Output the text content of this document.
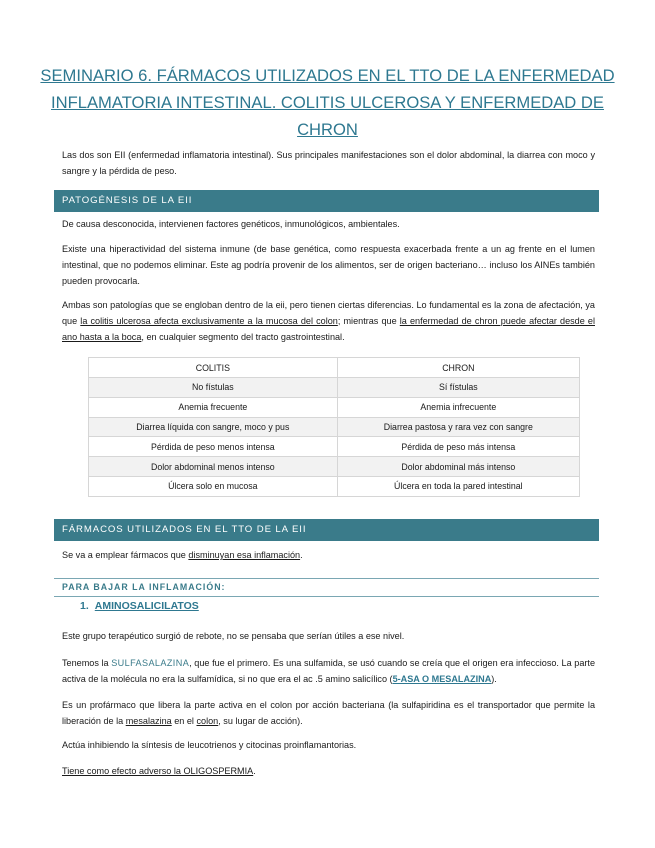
SEMINARIO 6. FÁRMACOS UTILIZADOS EN EL TTO DE LA ENFERMEDAD INFLAMATORIA INTESTINAL. COLITIS ULCEROSA Y ENFERMEDAD DE CHRON

Las dos son EII (enfermedad inflamatoria intestinal). Sus principales manifestaciones son el dolor abdominal, la diarrea con moco y sangre y la pérdida de peso.

PATOGÉNESIS DE LA EII

De causa desconocida, intervienen factores genéticos, inmunológicos, ambientales.

Existe una hiperactividad del sistema inmune (de base genética, como respuesta exacerbada frente a un ag frente en el lumen intestinal, que no podemos eliminar. Este ag podría provenir de los alimentos, ser de origen bacteriano… incluso los AINEs también pueden provocarla.

Ambas son patologías que se engloban dentro de la eii, pero tienen ciertas diferencias. Lo fundamental es la zona de afectación, ya que la colitis ulcerosa afecta exclusivamente a la mucosa del colon; mientras que la enfermedad de chron puede afectar desde el ano hasta a la boca, en cualquier segmento del tracto gastrointestinal.

COLITIS	CHRON
No fístulas	Sí fístulas
Anemia frecuente	Anemia infrecuente
Diarrea líquida con sangre, moco y pus	Diarrea pastosa y rara vez con sangre
Pérdida de peso menos intensa	Pérdida de peso más intensa
Dolor abdominal menos intenso	Dolor abdominal más intenso
Úlcera solo en mucosa	Úlcera en toda la pared intestinal
FÁRMACOS UTILIZADOS EN EL TTO DE LA EII

Se va a emplear fármacos que disminuyan esa inflamación.

PARA BAJAR LA INFLAMACIÓN:
1. AMINOSALICILATOS

Este grupo terapéutico surgió de rebote, no se pensaba que serían útiles a ese nivel.

Tenemos la SULFASALAZINA, que fue el primero. Es una sulfamida, se usó cuando se creía que el origen era infeccioso. La parte activa de la molécula no era la sulfamídica, si no que era el ac .5 amino salicílico (5-ASA O MESALAZINA).

Es un profármaco que libera la parte activa en el colon por acción bacteriana (la sulfapiridina es el transportador que permite la liberación de la mesalazina en el colon, su lugar de acción).

Actúa inhibiendo la síntesis de leucotrienos y citocinas proinflamantorias.

Tiene como efecto adverso la OLIGOSPERMIA.
